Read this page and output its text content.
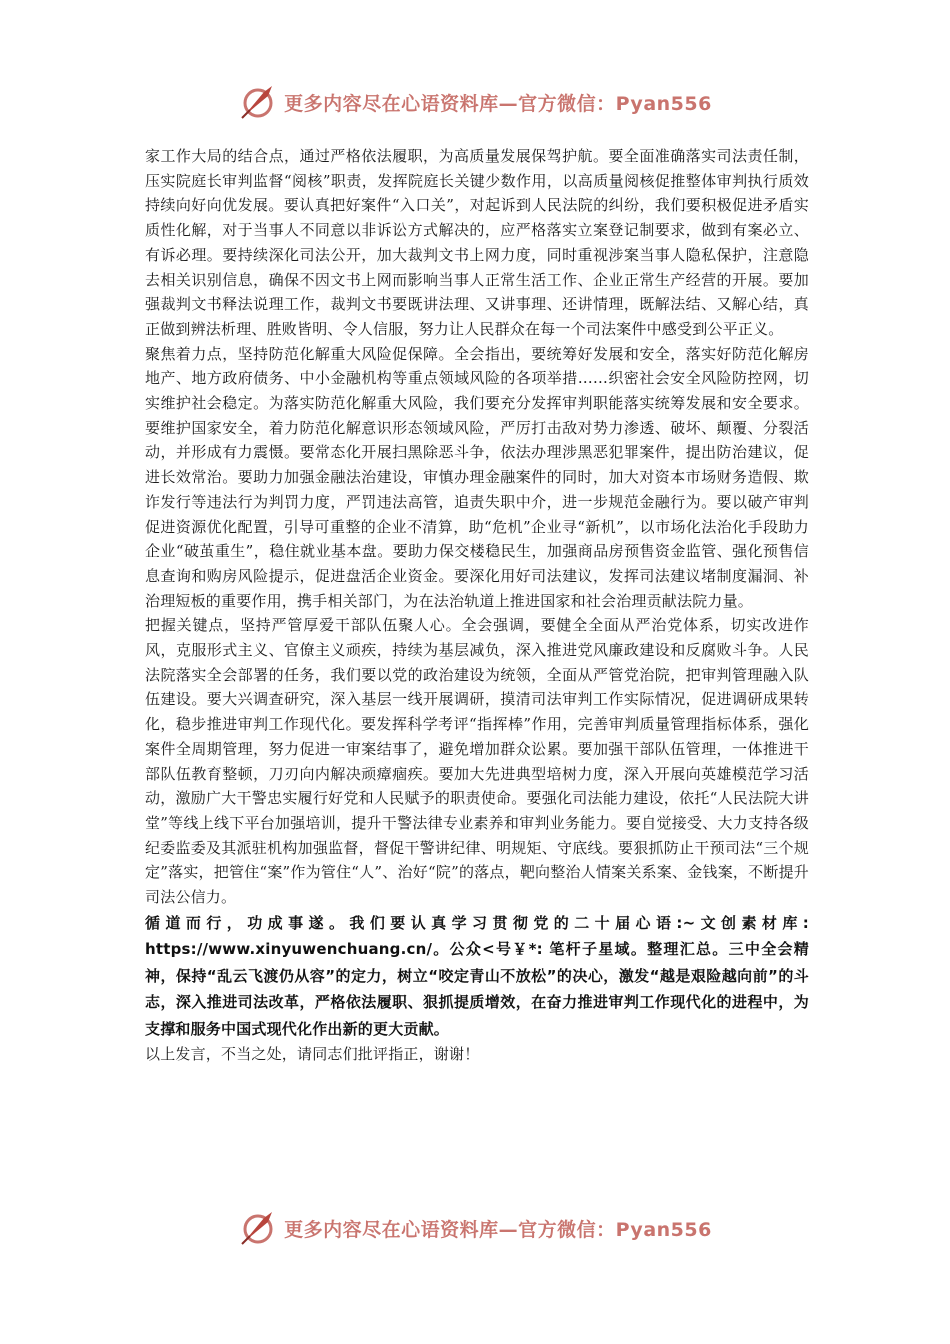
更多内容尽在心语资料库—官方微信：Pyan556

家工作大局的结合点，通过严格依法履职，为高质量发展保驾护航。要全面准确落实司法责任制，压实院庭长审判监督“阅核”职责，发挥院庭长关键少数作用，以高质量阅核促推整体审判执行质效持续向好向优发展。要认真把好案件“入口关”，对起诉到人民法院的纠纷，我们要积极促进矛盾实质性化解，对于当事人不同意以非诉讼方式解决的，应严格落实立案登记制要求，做到有案必立、有诉必理。要持续深化司法公开，加大裁判文书上网力度，同时重视涉案当事人隐私保护，注意隐去相关识别信息，确保不因文书上网而影响当事人正常生活工作、企业正常生产经营的开展。要加强裁判文书释法说理工作，裁判文书要既讲法理、又讲事理、还讲情理，既解法结、又解心结，真正做到辨法析理、胜败皆明、令人信服，努力让人民群众在每一个司法案件中感受到公平正义。

聚焦着力点，坚持防范化解重大风险促保障。全会指出，要统筹好发展和安全，落实好防范化解房地产、地方政府债务、中小金融机构等重点领域风险的各项举措……织密社会安全风险防控网，切实维护社会稳定。为落实防范化解重大风险，我们要充分发挥审判职能落实统筹发展和安全要求。要维护国家安全，着力防范化解意识形态领域风险，严厉打击敌对势力渗透、破坏、颠覆、分裂活动，并形成有力震慑。要常态化开展扫黑除恶斗争，依法办理涉黑恶犯罪案件，提出防治建议，促进长效常治。要助力加强金融法治建设，审慎办理金融案件的同时，加大对资本市场财务造假、欺诈发行等违法行为判罚力度，严罚违法高管，追责失职中介，进一步规范金融行为。要以破产审判促进资源优化配置，引导可重整的企业不清算，助“危机”企业寻“新机”，以市场化法治化手段助力企业“破茧重生”，稳住就业基本盘。要助力保交楼稳民生，加强商品房预售资金监管、强化预售信息查询和购房风险提示，促进盘活企业资金。要深化用好司法建议，发挥司法建议堵制度漏洞、补治理短板的重要作用，携手相关部门，为在法治轨道上推进国家和社会治理贡献法院力量。

把握关键点，坚持严管厚爱干部队伍聚人心。全会强调，要健全全面从严治党体系，切实改进作风，克服形式主义、官僚主义顽疾，持续为基层减负，深入推进党风廉政建设和反腐败斗争。人民法院落实全会部署的任务，我们要以党的政治建设为统领，全面从严管党治院，把审判管理融入队伍建设。要大兴调查研究，深入基层一线开展调研，摸清司法审判工作实际情况，促进调研成果转化，稳步推进审判工作现代化。要发挥科学考评“指挥棒”作用，完善审判质量管理指标体系，强化案件全周期管理，努力促进一审案结事了，避免增加群众讼累。要加强干部队伍管理，一体推进干部队伍教育整顿，刀刃向内解决顽瘴痼疾。要加大先进典型培树力度，深入开展向英雄模范学习活动，激励广大干警忠实履行好党和人民赋予的职责使命。要强化司法能力建设，依托“人民法院大讲堂”等线上线下平台加强培训，提升干警法律专业素养和审判业务能力。要自觉接受、大力支持各级纪委监委及其派驻机构加强监督，督促干警讲纪律、明规矩、守底线。要狠抓防止干预司法“三个规定”落实，把管住“案”作为管住“人”、治好“院”的落点，靶向整治人情案关系案、金钱案，不断提升司法公信力。

循道而行，功成事遂。我们要认真学习贯彻党的二十届心语:~文创素材库: https://www.xinyuwenchuang.cn/。公众<号￥*: 笔杆子星域。整理汇总。三中全会精神，保持“乱云飞渡仍从容”的定力，树立“咬定青山不放松”的决心，激发“越是艰险越向前”的斗志，深入推进司法改革，严格依法履职、狠抓提质增效，在奋力推进审判工作现代化的进程中，为支撑和服务中国式现代化作出新的更大贡献。

以上发言，不当之处，请同志们批评指正，谢谢！

更多内容尽在心语资料库—官方微信：Pyan556
